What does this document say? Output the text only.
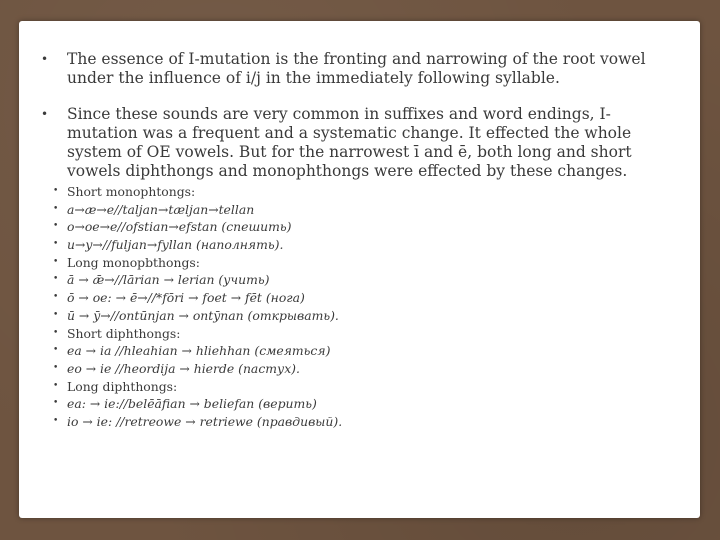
•	The essence of I-mutation is the fronting and narrowing of the root vowel under the influence of i/j in the immediately following syllable.
•	Since these sounds are very common in suffixes and word endings, I-mutation was a frequent and a systematic change. It effected the whole system of OE vowels. But for the narrowest ī and ē, both long and short vowels diphthongs and monophthongs were effected by these changes.
• Short monophtongs:
• a→æ→e//taljan→tæljan→tellan
• o→oe→e//ofstian→efstan (спешить)
• u→y→//fuljan→fyllan (наполнять).
• Long monopbthongs:
• ā → ǣ→//lārian → lerian (учить)
• ō → oe: → ē→//*fōri → foet → fēt (нога)
• ū → ȳ→//ontūnjan → ontȳnan (открывать).
• Short diphthongs:
• ea → ia //hleahian → hliehhan (смеяться)
• eo → ie //heordija → hierde (пастух).
• Long diphthongs:
• ea: → ie://belēāfian → beliefan (верить)
• io → ie: //retreowe → retriewe (правдивый).
